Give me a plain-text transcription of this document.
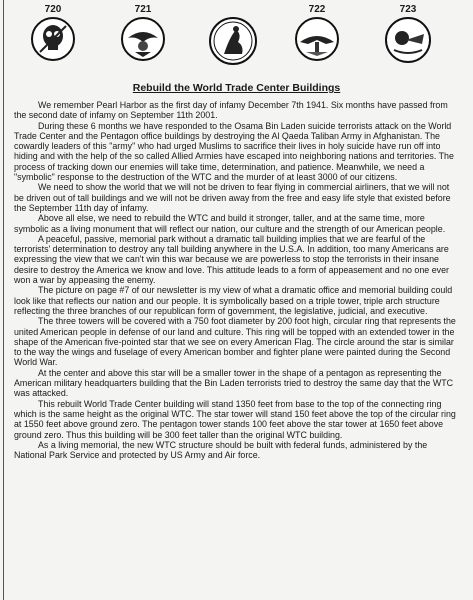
720	721	722	723
Rebuild the World Trade Center Buildings

We remember Pearl Harbor as the first day of infamy December 7th 1941. Six months have passed from the second date of infamy on September 11th 2001.

During these 6 months we have responded to the Osama Bin Laden suicide terrorists attack on the World Trade Center and the Pentagon office buildings by destroying the Al Qaeda Taliban Army in Afghanistan. The cowardly leaders of this "army" who had urged Muslims to sacrifice their lives in holy suicide have run off into hiding and with the help of the so called Allied Armies have escaped into neighboring nations and territories. The process of tracking down our enemies will take time, determination, and patience. Meanwhile, we need a "symbolic" response to the destruction of the WTC and the murder of at least 3000 of our citizens.

We need to show the world that we will not be driven to fear flying in commercial airliners, that we will not be driven out of tall buildings and we will not be driven away from the free and easy life style that existed before the September 11th day of infamy.

Above all else, we need to rebuild the WTC and build it stronger, taller, and at the same time, more symbolic as a living monument that will reflect our nation, our culture and the strength of our American people.

A peaceful, passive, memorial park without a dramatic tall building implies that we are fearful of the terrorists' determination to destroy any tall building anywhere in the U.S.A. In addition, too many Americans are expressing the view that we can't win this war because we are powerless to stop the terrorists in their insane desire to destroy the America we know and love. This attitude leads to a form of appeasement and no one ever won a war by appeasing the enemy.

The picture on page #7 of our newsletter is my view of what a dramatic office and memorial building could look like that reflects our nation and our people. It is symbolically based on a triple tower, triple arch structure reflecting the three branches of our republican form of government, the legislative, judicial, and executive.

The three towers will be covered with a 750 foot diameter by 200 foot high, circular ring that represents the united American people in defense of our land and culture. This ring will be topped with an extended tower in the shape of the American five-pointed star that we see on every American Flag. The circle around the star is similar to the way the wings and fuselage of every American bomber and fighter plane were painted during the Second World War.

At the center and above this star will be a smaller tower in the shape of a pentagon as representing the American military headquarters building that the Bin Laden terrorists tried to destroy the same day that the WTC was attacked.

This rebuilt World Trade Center building will stand 1350 feet from base to the top of the connecting ring which is the same height as the original WTC. The star tower will stand 150 feet above the top of the circular ring at 1550 feet above ground zero. The pentagon tower stands 100 feet above the star tower at 1650 feet above ground zero. Thus this building will be 300 feet taller than the original WTC building.

As a living memorial, the new WTC structure should be built with federal funds, administered by the National Park Service and protected by US Army and Air force.
